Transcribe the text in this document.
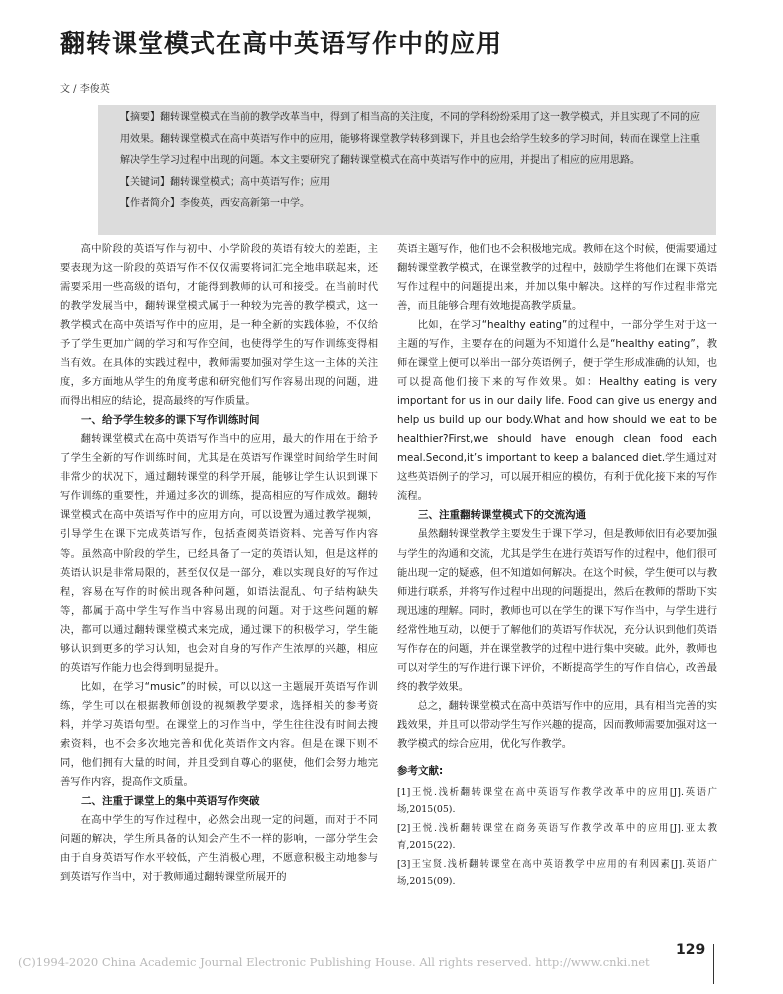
翻转课堂模式在高中英语写作中的应用
文 / 李俊英

【摘要】翻转课堂模式在当前的教学改革当中，得到了相当高的关注度，不同的学科纷纷采用了这一教学模式，并且实现了不同的应用效果。翻转课堂模式在高中英语写作中的应用，能够将课堂教学转移到课下，并且也会给学生较多的学习时间，转而在课堂上注重解决学生学习过程中出现的问题。本文主要研究了翻转课堂模式在高中英语写作中的应用，并提出了相应的应用思路。

【关键词】翻转课堂模式；高中英语写作；应用

【作者简介】李俊英，西安高新第一中学。

高中阶段的英语写作与初中、小学阶段的英语有较大的差距，主要表现为这一阶段的英语写作不仅仅需要将词汇完全地串联起来，还需要采用一些高级的语句，才能得到教师的认可和接受。在当前时代的教学发展当中，翻转课堂模式属于一种较为完善的教学模式，这一教学模式在高中英语写作中的应用，是一种全新的实践体验，不仅给予了学生更加广阔的学习和写作空间，也使得学生的写作训练变得相当有效。在具体的实践过程中，教师需要加强对学生这一主体的关注度，多方面地从学生的角度考虑和研究他们写作容易出现的问题，进而得出相应的结论，提高最终的写作质量。

一、给予学生较多的课下写作训练时间

翻转课堂模式在高中英语写作当中的应用，最大的作用在于给予了学生全新的写作训练时间，尤其是在英语写作课堂时间给学生时间非常少的状况下，通过翻转课堂的科学开展，能够让学生认识到课下写作训练的重要性，并通过多次的训练，提高相应的写作成效。翻转课堂模式在高中英语写作中的应用方向，可以设置为通过教学视频，引导学生在课下完成英语写作，包括查阅英语资料、完善写作内容等。虽然高中阶段的学生，已经具备了一定的英语认知，但是这样的英语认识是非常局限的，甚至仅仅是一部分，难以实现良好的写作过程，容易在写作的时候出现各种问题，如语法混乱、句子结构缺失等，都属于高中学生写作当中容易出现的问题。对于这些问题的解决，都可以通过翻转课堂模式来完成，通过课下的积极学习，学生能够认识到更多的学习认知，也会对自身的写作产生浓厚的兴趣，相应的英语写作能力也会得到明显提升。

比如，在学习“music”的时候，可以以这一主题展开英语写作训练，学生可以在根据教师创设的视频教学要求，选择相关的参考资料，并学习英语句型。在课堂上的习作当中，学生往往没有时间去搜索资料，也不会多次地完善和优化英语作文内容。但是在课下则不同，他们拥有大量的时间，并且受到自尊心的驱使，他们会努力地完善写作内容，提高作文质量。

二、注重于课堂上的集中英语写作突破

在高中学生的写作过程中，必然会出现一定的问题，而对于不同问题的解决，学生所具备的认知会产生不一样的影响，一部分学生会由于自身英语写作水平较低，产生消极心理，不愿意积极主动地参与到英语写作当中，对于教师通过翻转课堂所展开的

英语主题写作，他们也不会积极地完成。教师在这个时候，便需要通过翻转课堂教学模式，在课堂教学的过程中，鼓励学生将他们在课下英语写作过程中的问题提出来，并加以集中解决。这样的写作过程非常完善，而且能够合理有效地提高教学质量。

比如，在学习“healthy eating”的过程中，一部分学生对于这一主题的写作，主要存在的问题为不知道什么是“healthy eating”，教师在课堂上便可以举出一部分英语例子，便于学生形成准确的认知，也可以提高他们接下来的写作效果。如：Healthy eating is very important for us in our daily life. Food can give us energy and help us build up our body.What and how should we eat to be healthier?First,we should have enough clean food each meal.Second,it’s important to keep a balanced diet.学生通过对这些英语例子的学习，可以展开相应的模仿，有利于优化接下来的写作流程。

三、注重翻转课堂模式下的交流沟通

虽然翻转课堂教学主要发生于课下学习，但是教师依旧有必要加强与学生的沟通和交流，尤其是学生在进行英语写作的过程中，他们很可能出现一定的疑惑，但不知道如何解决。在这个时候，学生便可以与教师进行联系，并将写作过程中出现的问题提出，然后在教师的帮助下实现迅速的理解。同时，教师也可以在学生的课下写作当中，与学生进行经常性地互动，以便于了解他们的英语写作状况，充分认识到他们英语写作存在的问题，并在课堂教学的过程中进行集中突破。此外，教师也可以对学生的写作进行课下评价，不断提高学生的写作自信心，改善最终的教学效果。

总之，翻转课堂模式在高中英语写作中的应用，具有相当完善的实践效果，并且可以带动学生写作兴趣的提高，因而教师需要加强对这一教学模式的综合应用，优化写作教学。

参考文献:

[1]王悦.浅析翻转课堂在高中英语写作教学改革中的应用[J].英语广场,2015(05).

[2]王悦.浅析翻转课堂在商务英语写作教学改革中的应用[J].亚太教育,2015(22).

[3]王宝贤.浅析翻转课堂在高中英语教学中应用的有利因素[J].英语广场,2015(09).

129
(C)1994-2020 China Academic Journal Electronic Publishing House. All rights reserved. http://www.cnki.net
